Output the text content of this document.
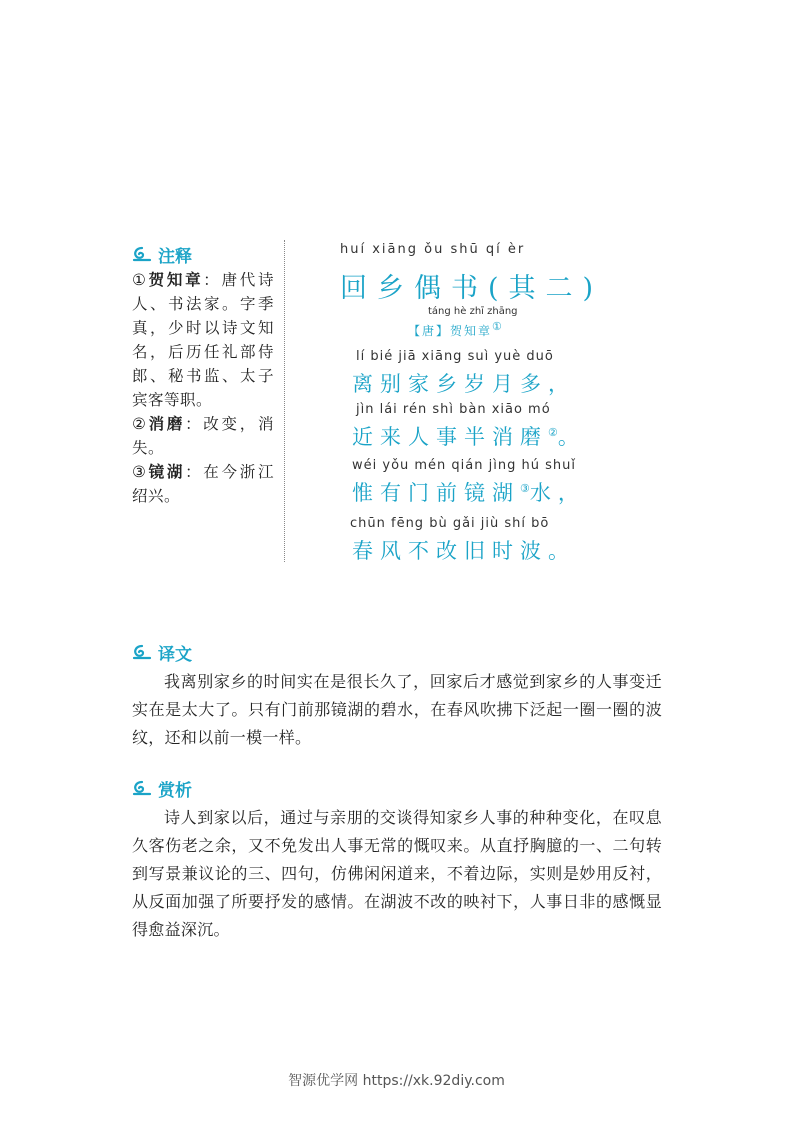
注释

①贺知章：唐代诗人、书法家。字季真，少时以诗文知名，后历任礼部侍郎、秘书监、太子宾客等职。

②消磨：改变，消失。

③镜湖：在今浙江绍兴。

huí xiāng ǒu shū qí èr
回乡偶书(其二)
táng hè zhī zhāng
【唐】贺知章①
lí bié jiā xiāng suì yuè duō
离别家乡岁月多，
jìn lái rén shì bàn xiāo mó
近来人事半消磨②。
wéi yǒu mén qián jìng hú shuǐ
惟有门前镜湖③水，
chūn fēng bù gǎi jiù shí bō
春风不改旧时波。
译文

我离别家乡的时间实在是很长久了，回家后才感觉到家乡的人事变迁实在是太大了。只有门前那镜湖的碧水，在春风吹拂下泛起一圈一圈的波纹，还和以前一模一样。

赏析

诗人到家以后，通过与亲朋的交谈得知家乡人事的种种变化，在叹息久客伤老之余，又不免发出人事无常的慨叹来。从直抒胸臆的一、二句转到写景兼议论的三、四句，仿佛闲闲道来，不着边际，实则是妙用反衬，从反面加强了所要抒发的感情。在湖波不改的映衬下，人事日非的感慨显得愈益深沉。

智源优学网 https://xk.92diy.com
